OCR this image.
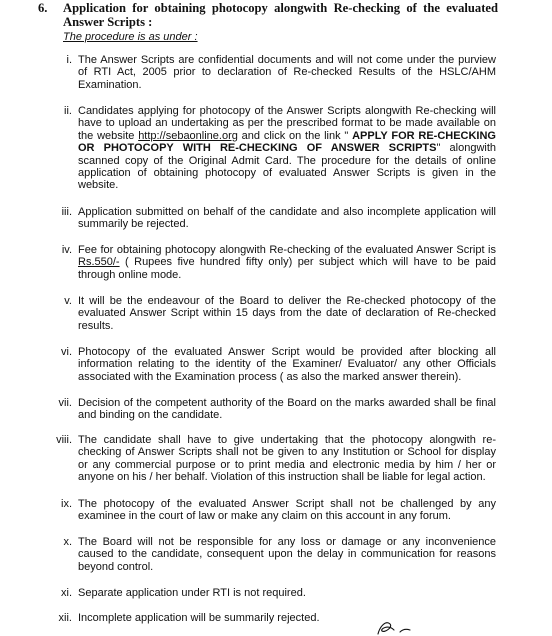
6. Application for obtaining photocopy alongwith Re-checking of the evaluated Answer Scripts :
The procedure is as under :
i. The Answer Scripts are confidential documents and will not come under the purview of RTI Act, 2005 prior to declaration of Re-checked Results of the HSLC/AHM Examination.
ii. Candidates applying for photocopy of the Answer Scripts alongwith Re-checking will have to upload an undertaking as per the prescribed format to be made available on the website http://sebaonline.org and click on the link " APPLY FOR RE-CHECKING OR PHOTOCOPY WITH RE-CHECKING OF ANSWER SCRIPTS" alongwith scanned copy of the Original Admit Card. The procedure for the details of online application of obtaining photocopy of evaluated Answer Scripts is given in the website.
iii. Application submitted on behalf of the candidate and also incomplete application will summarily be rejected.
iv. Fee for obtaining photocopy alongwith Re-checking of the evaluated Answer Script is Rs.550/- ( Rupees five hundred fifty only) per subject which will have to be paid through online mode.
v. It will be the endeavour of the Board to deliver the Re-checked photocopy of the evaluated Answer Script within 15 days from the date of declaration of Re-checked results.
vi. Photocopy of the evaluated Answer Script would be provided after blocking all information relating to the identity of the Examiner/ Evaluator/ any other Officials associated with the Examination process ( as also the marked answer therein).
vii. Decision of the competent authority of the Board on the marks awarded shall be final and binding on the candidate.
viii. The candidate shall have to give undertaking that the photocopy alongwith re-checking of Answer Scripts shall not be given to any Institution or School for display or any commercial purpose or to print media and electronic media by him / her or anyone on his / her behalf. Violation of this instruction shall be liable for legal action.
ix. The photocopy of the evaluated Answer Script shall not be challenged by any examinee in the court of law or make any claim on this account in any forum.
x. The Board will not be responsible for any loss or damage or any inconvenience caused to the candidate, consequent upon the delay in communication for reasons beyond control.
xi. Separate application under RTI is not required.
xii. Incomplete application will be summarily rejected.
